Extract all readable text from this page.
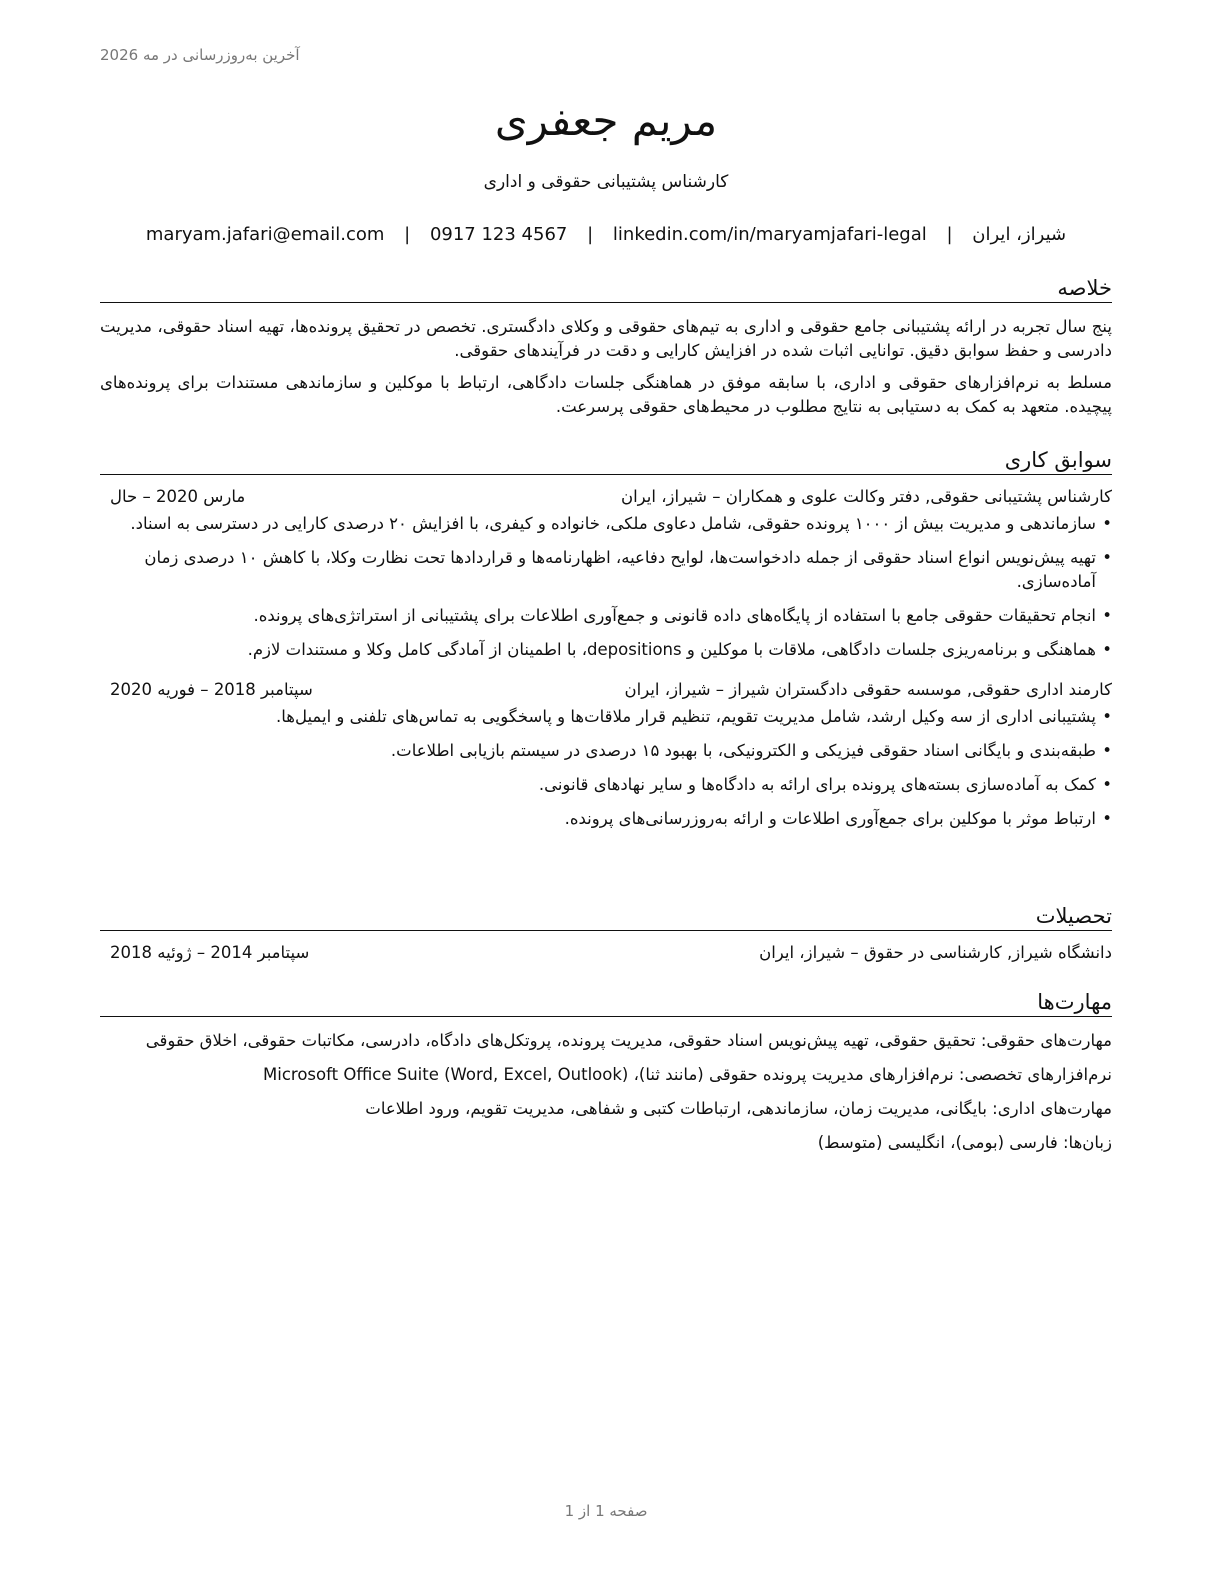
آخرین به‌روزرسانی در مه 2026
مریم جعفری
کارشناس پشتیبانی حقوقی و اداری
شیراز، ایران | maryam.jafari@email.com | 0917 123 4567 | linkedin.com/in/maryamjafari-legal
خلاصه

پنج سال تجربه در ارائه پشتیبانی جامع حقوقی و اداری به تیم‌های حقوقی و وکلای دادگستری. تخصص در تحقیق پرونده‌ها، تهیه اسناد حقوقی، مدیریت دادرسی و حفظ سوابق دقیق. توانایی اثبات شده در افزایش کارایی و دقت در فرآیندهای حقوقی.

مسلط به نرم‌افزارهای حقوقی و اداری، با سابقه موفق در هماهنگی جلسات دادگاهی، ارتباط با موکلین و سازماندهی مستندات برای پرونده‌های پیچیده. متعهد به کمک به دستیابی به نتایج مطلوب در محیط‌های حقوقی پرسرعت.

سوابق کاری
کارشناس پشتیبانی حقوقی, دفتر وکالت علوی و همکاران – شیراز، ایران
مارس 2020 – حال
• سازماندهی و مدیریت بیش از ۱۰۰۰ پرونده حقوقی، شامل دعاوی ملکی، خانواده و کیفری، با افزایش ۲۰ درصدی کارایی در دسترسی به اسناد.
• تهیه پیش‌نویس انواع اسناد حقوقی از جمله دادخواست‌ها، لوایح دفاعیه، اظهارنامه‌ها و قراردادها تحت نظارت وکلا، با کاهش ۱۰ درصدی زمان آماده‌سازی.
• انجام تحقیقات حقوقی جامع با استفاده از پایگاه‌های داده قانونی و جمع‌آوری اطلاعات برای پشتیبانی از استراتژی‌های پرونده.
• هماهنگی و برنامه‌ریزی جلسات دادگاهی، ملاقات با موکلین و depositions، با اطمینان از آمادگی کامل وکلا و مستندات لازم.
کارمند اداری حقوقی, موسسه حقوقی دادگستران شیراز – شیراز، ایران
سپتامبر 2018 – فوریه 2020
• پشتیبانی اداری از سه وکیل ارشد، شامل مدیریت تقویم، تنظیم قرار ملاقات‌ها و پاسخگویی به تماس‌های تلفنی و ایمیل‌ها.
• طبقه‌بندی و بایگانی اسناد حقوقی فیزیکی و الکترونیکی، با بهبود ۱۵ درصدی در سیستم بازیابی اطلاعات.
• کمک به آماده‌سازی بسته‌های پرونده برای ارائه به دادگاه‌ها و سایر نهادهای قانونی.
• ارتباط موثر با موکلین برای جمع‌آوری اطلاعات و ارائه به‌روزرسانی‌های پرونده.
تحصیلات
دانشگاه شیراز, کارشناسی در حقوق – شیراز، ایران
سپتامبر 2014 – ژوئیه 2018
مهارت‌ها
مهارت‌های حقوقی: تحقیق حقوقی، تهیه پیش‌نویس اسناد حقوقی، مدیریت پرونده، پروتکل‌های دادگاه، دادرسی، مکاتبات حقوقی، اخلاق حقوقی
نرم‌افزارهای تخصصی: نرم‌افزارهای مدیریت پرونده حقوقی (مانند ثنا)، Microsoft Office Suite (Word, Excel, Outlook)
مهارت‌های اداری: بایگانی، مدیریت زمان، سازماندهی، ارتباطات کتبی و شفاهی، مدیریت تقویم، ورود اطلاعات
زبان‌ها: فارسی (بومی)، انگلیسی (متوسط)
صفحه 1 از 1
